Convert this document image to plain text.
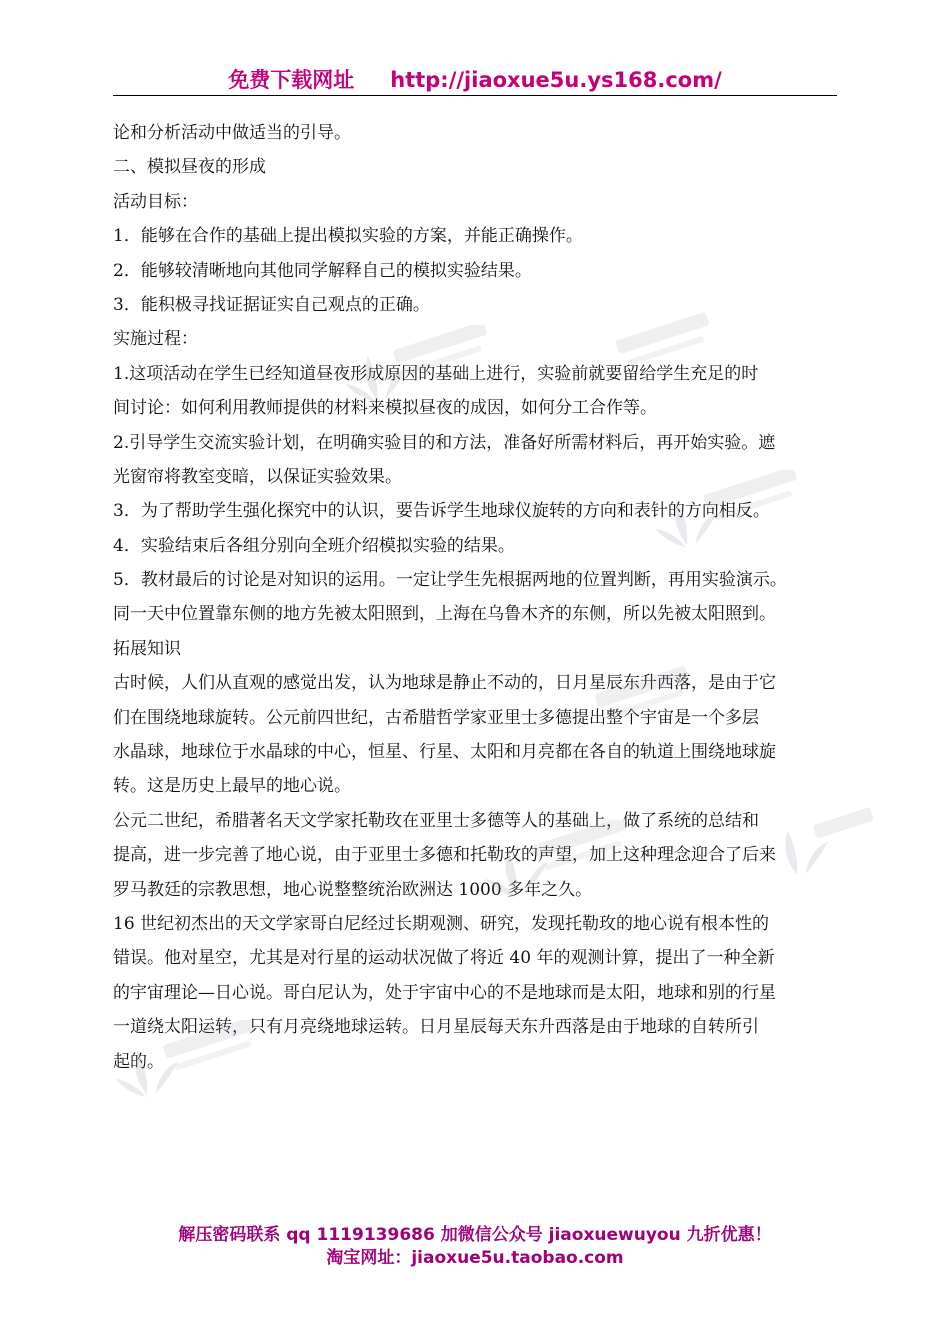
免费下载网址 http://jiaoxue5u.ys168.com/
论和分析活动中做适当的引导。
二、模拟昼夜的形成
活动目标：
1．能够在合作的基础上提出模拟实验的方案，并能正确操作。
2．能够较清晰地向其他同学解释自己的模拟实验结果。
3．能积极寻找证据证实自己观点的正确。
实施过程：
1.这项活动在学生已经知道昼夜形成原因的基础上进行，实验前就要留给学生充足的时
间讨论：如何利用教师提供的材料来模拟昼夜的成因，如何分工合作等。
2.引导学生交流实验计划，在明确实验目的和方法，准备好所需材料后，再开始实验。遮
光窗帘将教室变暗，以保证实验效果。
3．为了帮助学生强化探究中的认识，要告诉学生地球仪旋转的方向和表针的方向相反。
4．实验结束后各组分别向全班介绍模拟实验的结果。
5．教材最后的讨论是对知识的运用。一定让学生先根据两地的位置判断，再用实验演示。
同一天中位置靠东侧的地方先被太阳照到，上海在乌鲁木齐的东侧，所以先被太阳照到。
拓展知识
古时候，人们从直观的感觉出发，认为地球是静止不动的，日月星辰东升西落，是由于它
们在围绕地球旋转。公元前四世纪，古希腊哲学家亚里士多德提出整个宇宙是一个多层
水晶球，地球位于水晶球的中心，恒星、行星、太阳和月亮都在各自的轨道上围绕地球旋
转。这是历史上最早的地心说。
公元二世纪，希腊著名天文学家托勒玫在亚里士多德等人的基础上，做了系统的总结和
提高，进一步完善了地心说，由于亚里士多德和托勒玫的声望，加上这种理念迎合了后来
罗马教廷的宗教思想，地心说整整统治欧洲达 1000 多年之久。
16 世纪初杰出的天文学家哥白尼经过长期观测、研究，发现托勒玫的地心说有根本性的
错误。他对星空，尤其是对行星的运动状况做了将近 40 年的观测计算，提出了一种全新
的宇宙理论—日心说。哥白尼认为，处于宇宙中心的不是地球而是太阳，地球和别的行星
一道绕太阳运转，只有月亮绕地球运转。日月星辰每天东升西落是由于地球的自转所引
起的。
解压密码联系 qq 1119139686 加微信公众号 jiaoxuewuyou 九折优惠！
淘宝网址：jiaoxue5u.taobao.com
